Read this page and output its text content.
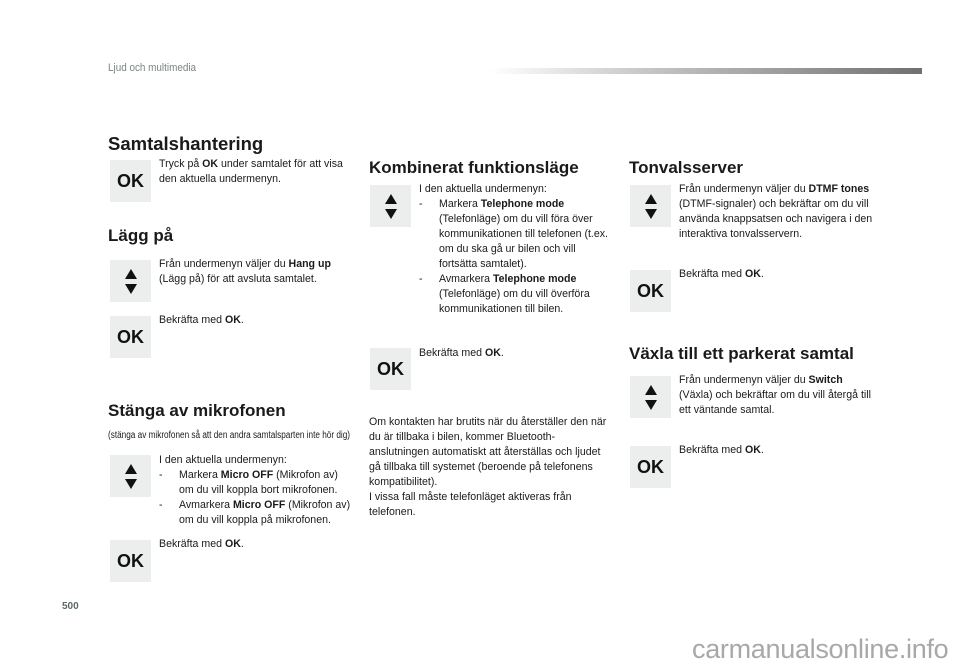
Ljud och multimedia
Samtalshantering
OK
Tryck på OK under samtalet för att visa den aktuella undermenyn.
Lägg på
Från undermenyn väljer du Hang up (Lägg på) för att avsluta samtalet.
OK
Bekräfta med OK.
Stänga av mikrofonen
(stänga av mikrofonen så att den andra samtalsparten inte hör dig)
I den aktuella undermenyn:
-	Markera Micro OFF (Mikrofon av) om du vill koppla bort mikrofonen.
-	Avmarkera Micro OFF (Mikrofon av) om du vill koppla på mikrofonen.
OK
Bekräfta med OK.
Kombinerat funktionsläge
I den aktuella undermenyn:
-	Markera Telephone mode (Telefonläge) om du vill föra över kommunikationen till telefonen (t.ex. om du ska gå ur bilen och vill fortsätta samtalet).
-	Avmarkera Telephone mode (Telefonläge) om du vill överföra kommunikationen till bilen.
OK
Bekräfta med OK.
Om kontakten har brutits när du återställer den när du är tillbaka i bilen, kommer Bluetooth-anslutningen automatiskt att återställas och ljudet gå tillbaka till systemet (beroende på telefonens kompatibilitet).
I vissa fall måste telefonläget aktiveras från telefonen.
Tonvalsserver
Från undermenyn väljer du DTMF tones (DTMF-signaler) och bekräftar om du vill använda knappsatsen och navigera i den interaktiva tonvalsservern.
OK
Bekräfta med OK.
Växla till ett parkerat samtal
Från undermenyn väljer du Switch (Växla) och bekräftar om du vill återgå till ett väntande samtal.
OK
Bekräfta med OK.
500
carmanualsonline.info
